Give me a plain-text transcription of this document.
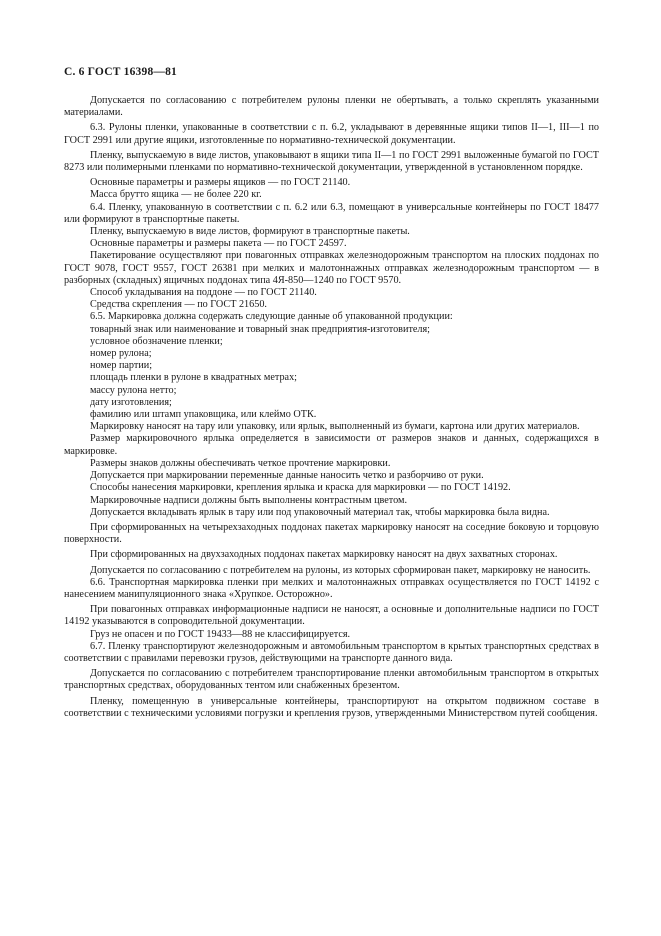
С. 6 ГОСТ 16398—81

Допускается по согласованию с потребителем рулоны пленки не обертывать, а только скреплять указанными материалами.

6.3. Рулоны пленки, упакованные в соответствии с п. 6.2, укладывают в деревянные ящики типов II—1, III—1 по ГОСТ 2991 или другие ящики, изготовленные по нормативно-технической документации.

Пленку, выпускаемую в виде листов, упаковывают в ящики типа II—1 по ГОСТ 2991 выложенные бумагой по ГОСТ 8273 или полимерными пленками по нормативно-технической документации, утвержденной в установленном порядке.

Основные параметры и размеры ящиков — по ГОСТ 21140.

Масса брутто ящика — не более 220 кг.

6.4. Пленку, упакованную в соответствии с п. 6.2 или 6.3, помещают в универсальные контейнеры по ГОСТ 18477 или формируют в транспортные пакеты.

Пленку, выпускаемую в виде листов, формируют в транспортные пакеты.

Основные параметры и размеры пакета — по ГОСТ 24597.

Пакетирование осуществляют при повагонных отправках железнодорожным транспортом на плоских поддонах по ГОСТ 9078, ГОСТ 9557, ГОСТ 26381 при мелких и малотоннажных отправках железнодорожным транспортом — в разборных (складных) ящичных поддонах типа 4Я-850—1240 по ГОСТ 9570.

Способ укладывания на поддоне — по ГОСТ 21140.

Средства скрепления — по ГОСТ 21650.

6.5. Маркировка должна содержать следующие данные об упакованной продукции:

товарный знак или наименование и товарный знак предприятия-изготовителя;

условное обозначение пленки;

номер рулона;

номер партии;

площадь пленки в рулоне в квадратных метрах;

массу рулона нетто;

дату изготовления;

фамилию или штамп упаковщика, или клеймо ОТК.

Маркировку наносят на тару или упаковку, или ярлык, выполненный из бумаги, картона или других материалов.

Размер маркировочного ярлыка определяется в зависимости от размеров знаков и данных, содержащихся в маркировке.

Размеры знаков должны обеспечивать четкое прочтение маркировки.

Допускается при маркировании переменные данные наносить четко и разборчиво от руки.

Способы нанесения маркировки, крепления ярлыка и краска для маркировки — по ГОСТ 14192.

Маркировочные надписи должны быть выполнены контрастным цветом.

Допускается вкладывать ярлык в тару или под упаковочный материал так, чтобы маркировка была видна.

При сформированных на четырехзаходных поддонах пакетах маркировку наносят на соседние боковую и торцовую поверхности.

При сформированных на двухзаходных поддонах пакетах маркировку наносят на двух захватных сторонах.

Допускается по согласованию с потребителем на рулоны, из которых сформирован пакет, маркировку не наносить.

6.6. Транспортная маркировка пленки при мелких и малотоннажных отправках осуществляется по ГОСТ 14192 с нанесением манипуляционного знака «Хрупкое. Осторожно».

При повагонных отправках информационные надписи не наносят, а основные и дополнительные надписи по ГОСТ 14192 указываются в сопроводительной документации.

Груз не опасен и по ГОСТ 19433—88 не классифицируется.

6.7. Пленку транспортируют железнодорожным и автомобильным транспортом в крытых транспортных средствах в соответствии с правилами перевозки грузов, действующими на транспорте данного вида.

Допускается по согласованию с потребителем транспортирование пленки автомобильным транспортом в открытых транспортных средствах, оборудованных тентом или снабженных брезентом.

Пленку, помещенную в универсальные контейнеры, транспортируют на открытом подвижном составе в соответствии с техническими условиями погрузки и крепления грузов, утвержденными Министерством путей сообщения.
